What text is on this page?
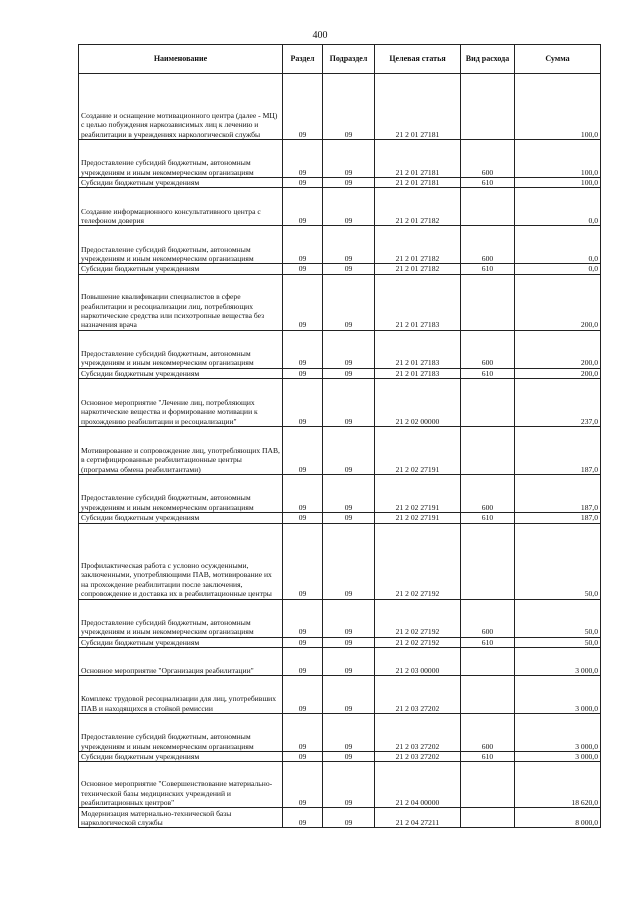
400
Наименование	Раздел	Подраздел	Целевая статья	Вид расхода	Сумма
Создание и оснащение мотивационного центра (далее - МЦ) с целью побуждения наркозависимых лиц к лечению и реабилитации в учреждениях наркологической службы	09	09	21 2 01 27181		100,0
Предоставление субсидий бюджетным, автономным учреждениям и иным некоммерческим организациям	09	09	21 2 01 27181	600	100,0
Субсидии бюджетным учреждениям	09	09	21 2 01 27181	610	100,0
Создание информационного консультативного центра с телефоном доверия	09	09	21 2 01 27182		0,0
Предоставление субсидий бюджетным, автономным учреждениям и иным некоммерческим организациям	09	09	21 2 01 27182	600	0,0
Субсидии бюджетным учреждениям	09	09	21 2 01 27182	610	0,0
Повышение квалификации специалистов в сфере реабилитации и ресоциализации лиц, потребляющих наркотические средства или психотропные вещества без назначения врача	09	09	21 2 01 27183		200,0
Предоставление субсидий бюджетным, автономным учреждениям и иным некоммерческим организациям	09	09	21 2 01 27183	600	200,0
Субсидии бюджетным учреждениям	09	09	21 2 01 27183	610	200,0
Основное мероприятие "Лечение лиц, потребляющих наркотические вещества и формирование мотивации к прохождению реабилитации и ресоциализации"	09	09	21 2 02 00000		237,0
Мотивирование и сопровождение лиц, употребляющих ПАВ, в сертифицированные реабилитационные центры (программа обмена реабилитантами)	09	09	21 2 02 27191		187,0
Предоставление субсидий бюджетным, автономным учреждениям и иным некоммерческим организациям	09	09	21 2 02 27191	600	187,0
Субсидии бюджетным учреждениям	09	09	21 2 02 27191	610	187,0
Профилактическая работа с условно осужденными, заключенными, употребляющими ПАВ, мотивирование их на прохождение реабилитации после заключения, сопровождение и доставка их в реабилитационные центры	09	09	21 2 02 27192		50,0
Предоставление субсидий бюджетным, автономным учреждениям и иным некоммерческим организациям	09	09	21 2 02 27192	600	50,0
Субсидии бюджетным учреждениям	09	09	21 2 02 27192	610	50,0
Основное мероприятие "Организация реабилитации"	09	09	21 2 03 00000		3 000,0
Комплекс трудовой ресоциализации для лиц, употребивших ПАВ и находящихся в стойкой ремиссии	09	09	21 2 03 27202		3 000,0
Предоставление субсидий бюджетным, автономным учреждениям и иным некоммерческим организациям	09	09	21 2 03 27202	600	3 000,0
Субсидии бюджетным учреждениям	09	09	21 2 03 27202	610	3 000,0
Основное мероприятие "Совершенствование материально-технической базы медицинских учреждений и реабилитационных центров"	09	09	21 2 04 00000		18 620,0
Модернизация материально-технической базы наркологической службы	09	09	21 2 04 27211		8 000,0
